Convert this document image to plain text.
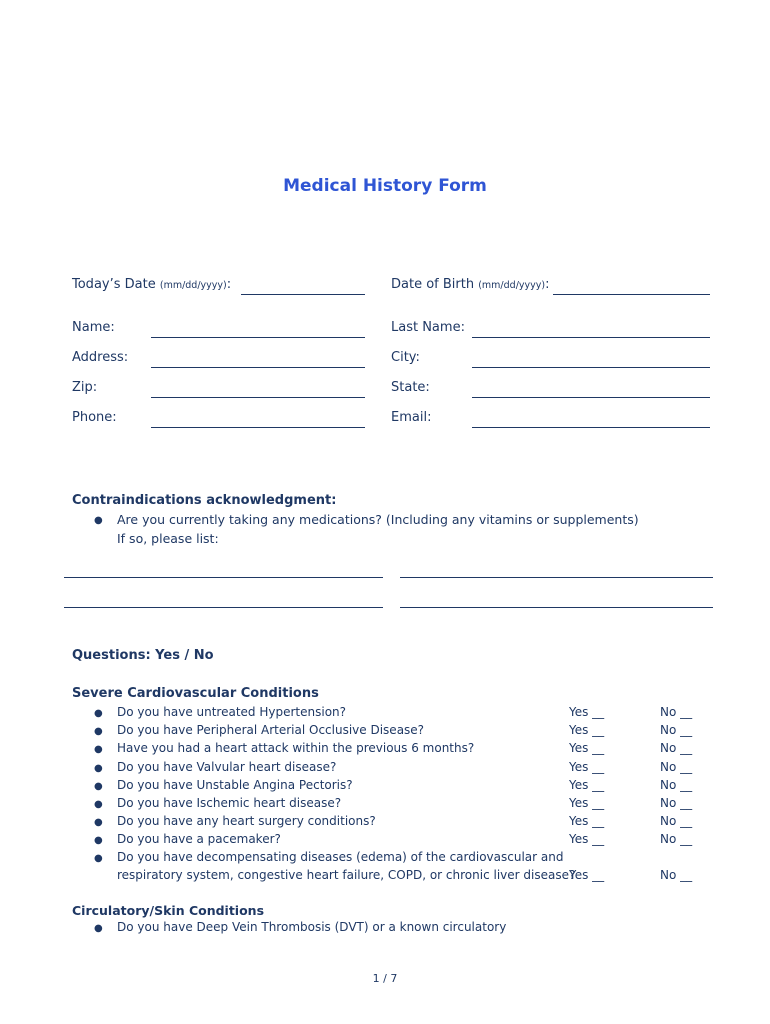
Medical History Form
Today’s Date (mm/dd/yyyy):	Date of Birth (mm/dd/yyyy):
Name:	Last Name:
Address:	City:
Zip:	State:
Phone:	Email:
Contraindications acknowledgment:
● Are you currently taking any medications? (Including any vitamins or supplements)
If so, please list:
Questions: Yes / No
Severe Cardiovascular Conditions
● Do you have untreated Hypertension?	Yes __	No __
● Do you have Peripheral Arterial Occlusive Disease?	Yes __	No __
● Have you had a heart attack within the previous 6 months?	Yes __	No __
● Do you have Valvular heart disease?	Yes __	No __
● Do you have Unstable Angina Pectoris?	Yes __	No __
● Do you have Ischemic heart disease?	Yes __	No __
● Do you have any heart surgery conditions?	Yes __	No __
● Do you have a pacemaker?	Yes __	No __
● Do you have decompensating diseases (edema) of the cardiovascular and
respiratory system, congestive heart failure, COPD, or chronic liver disease?
Yes __	No __
Circulatory/Skin Conditions
● Do you have Deep Vein Thrombosis (DVT) or a known circulatory
1 / 7
